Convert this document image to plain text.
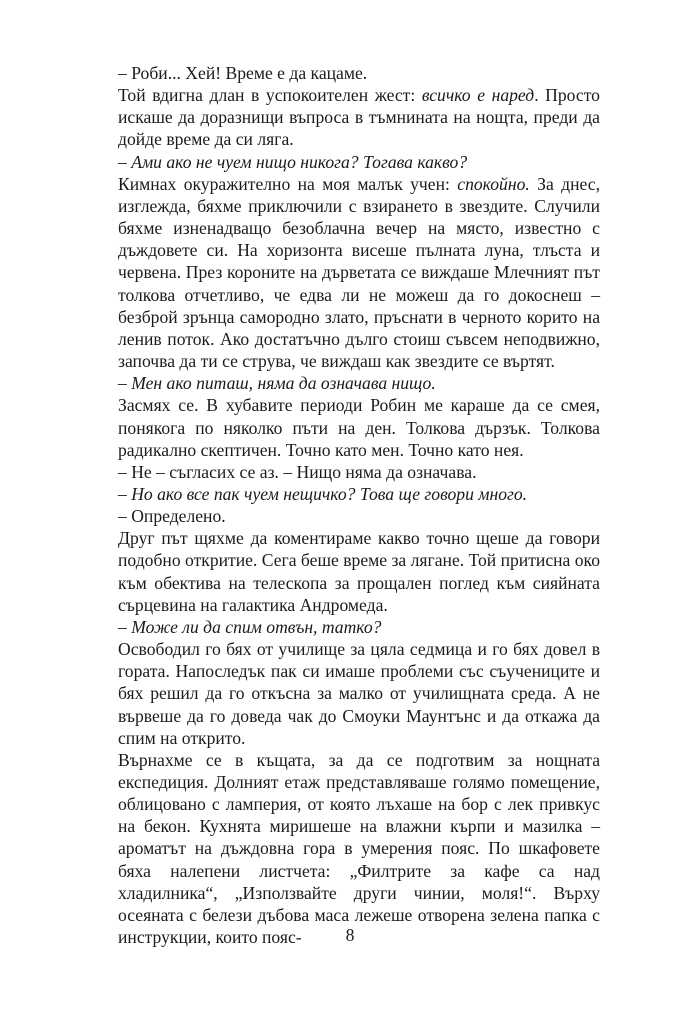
– Роби... Хей! Време е да кацаме.

Той вдигна длан в успокоителен жест: всичко е наред. Просто искаше да доразнищи въпроса в тъмнината на нощта, преди да дойде време да си ляга.

– Ами ако не чуем нищо никога? Тогава какво?

Кимнах окуражително на моя малък учен: спокойно. За днес, изглежда, бяхме приключили с взирането в звездите. Случили бяхме изненадващо безоблачна вечер на място, известно с дъждовете си. На хоризонта висеше пълната луна, тлъста и червена. През короните на дърветата се виждаше Млечният път толкова отчетливо, че едва ли не можеш да го докоснеш – безброй зрънца самородно злато, пръснати в черното корито на ленив поток. Ако достатъчно дълго стоиш съвсем неподвижно, започва да ти се струва, че виждаш как звездите се въртят.

– Мен ако питаш, няма да означава нищо.

Засмях се. В хубавите периоди Робин ме караше да се смея, понякога по няколко пъти на ден. Толкова дързък. Толкова радикално скептичен. Точно като мен. Точно като нея.

– Не – съгласих се аз. – Нищо няма да означава.

– Но ако все пак чуем нещичко? Това ще говори много.

– Определено.

Друг път щяхме да коментираме какво точно щеше да говори подобно откритие. Сега беше време за лягане. Той притисна око към обектива на телескопа за прощален поглед към сияйната сърцевина на галактика Андромеда.

– Може ли да спим отвън, татко?

Освободил го бях от училище за цяла седмица и го бях довел в гората. Напоследък пак си имаше проблеми със съучениците и бях решил да го откъсна за малко от училищната среда. А не вървеше да го доведа чак до Смоуки Маунтънс и да откажа да спим на открито.

Върнахме се в къщата, за да се подготвим за нощната експедиция. Долният етаж представляваше голямо помещение, облицовано с ламперия, от която лъхаше на бор с лек привкус на бекон. Кухнята миришеше на влажни кърпи и мазилка – ароматът на дъждовна гора в умерения пояс. По шкафовете бяха налепени листчета: „Филтрите за кафе са над хладилника“, „Използвайте други чинии, моля!“. Върху осеяната с белези дъбова маса лежеше отворена зелена папка с инструкции, които пояс-	8
